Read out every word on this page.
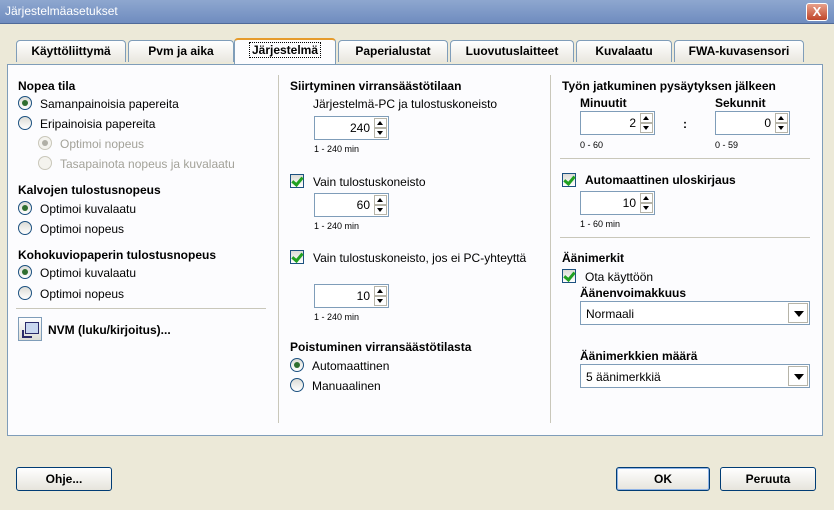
Järjestelmäasetukset	X
Käyttöliittymä	Pvm ja aika	Järjestelmä	Paperialustat	Luovutuslaitteet	Kuvalaatu	FWA-kuvasensori
Nopea tila
Samanpainoisia papereita
Eripainoisia papereita
Optimoi nopeus
Tasapainota nopeus ja kuvalaatu
Kalvojen tulostusnopeus
Optimoi kuvalaatu
Optimoi nopeus
Kohokuviopaperin tulostusnopeus
Optimoi kuvalaatu
Optimoi nopeus
NVM (luku/kirjoitus)...
Siirtyminen virransäästötilaan
Järjestelmä-PC ja tulostuskoneisto
240
1 - 240 min
Vain tulostuskoneisto
60
1 - 240 min
Vain tulostuskoneisto, jos ei PC-yhteyttä
10
1 - 240 min
Poistuminen virransäästötilasta
Automaattinen
Manuaalinen
Työn jatkuminen pysäytyksen jälkeen
Minuutit
2
0 - 60
:
Sekunnit
0
0 - 59
Automaattinen uloskirjaus
10
1 - 60 min
Äänimerkit
Ota käyttöön
Äänenvoimakkuus
Normaali
Äänimerkkien määrä
5 äänimerkkiä
Ohje...	OK	Peruuta
